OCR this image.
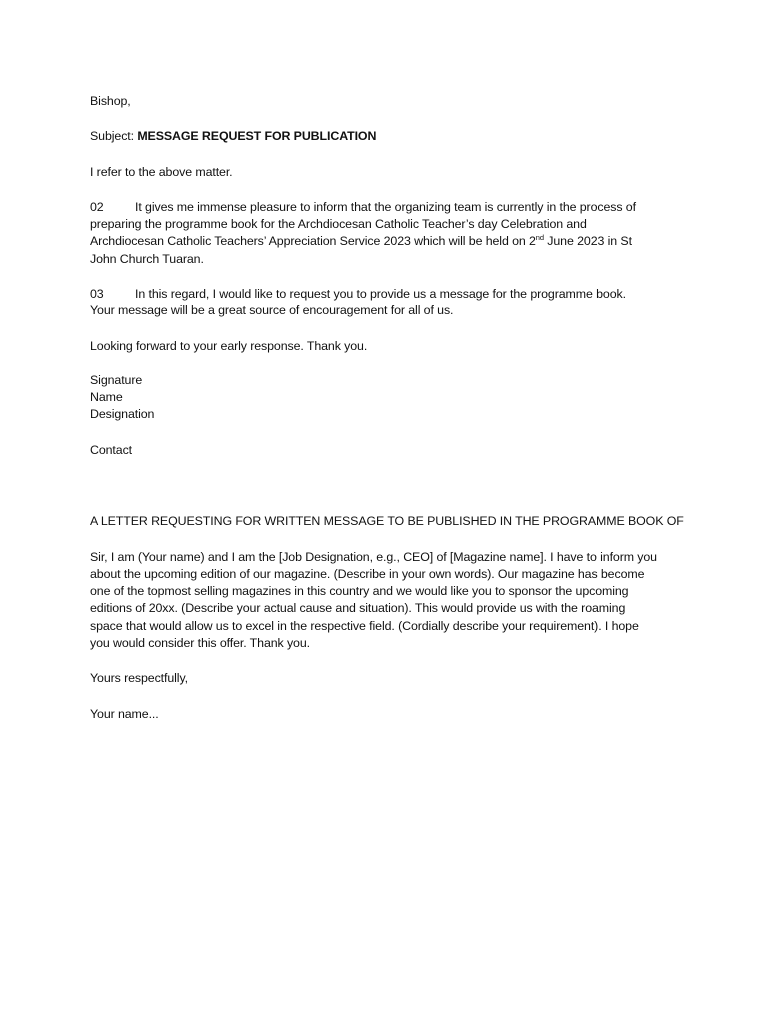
Bishop,
Subject: MESSAGE REQUEST FOR PUBLICATION
I refer to the above matter.
02	It gives me immense pleasure to inform that the organizing team is currently in the process of
preparing the programme book for the Archdiocesan Catholic Teacher’s day Celebration and
Archdiocesan Catholic Teachers’ Appreciation Service 2023 which will be held on 2nd June 2023 in St
John Church Tuaran.
03	In this regard, I would like to request you to provide us a message for the programme book.
Your message will be a great source of encouragement for all of us.
Looking forward to your early response. Thank you.
Signature
Name
Designation
Contact
A LETTER REQUESTING FOR WRITTEN MESSAGE TO BE PUBLISHED IN THE PROGRAMME BOOK OF
Sir, I am (Your name) and I am the [Job Designation, e.g., CEO] of [Magazine name]. I have to inform you
about the upcoming edition of our magazine. (Describe in your own words). Our magazine has become
one of the topmost selling magazines in this country and we would like you to sponsor the upcoming
editions of 20xx. (Describe your actual cause and situation). This would provide us with the roaming
space that would allow us to excel in the respective field. (Cordially describe your requirement). I hope
you would consider this offer. Thank you.
Yours respectfully,
Your name...
